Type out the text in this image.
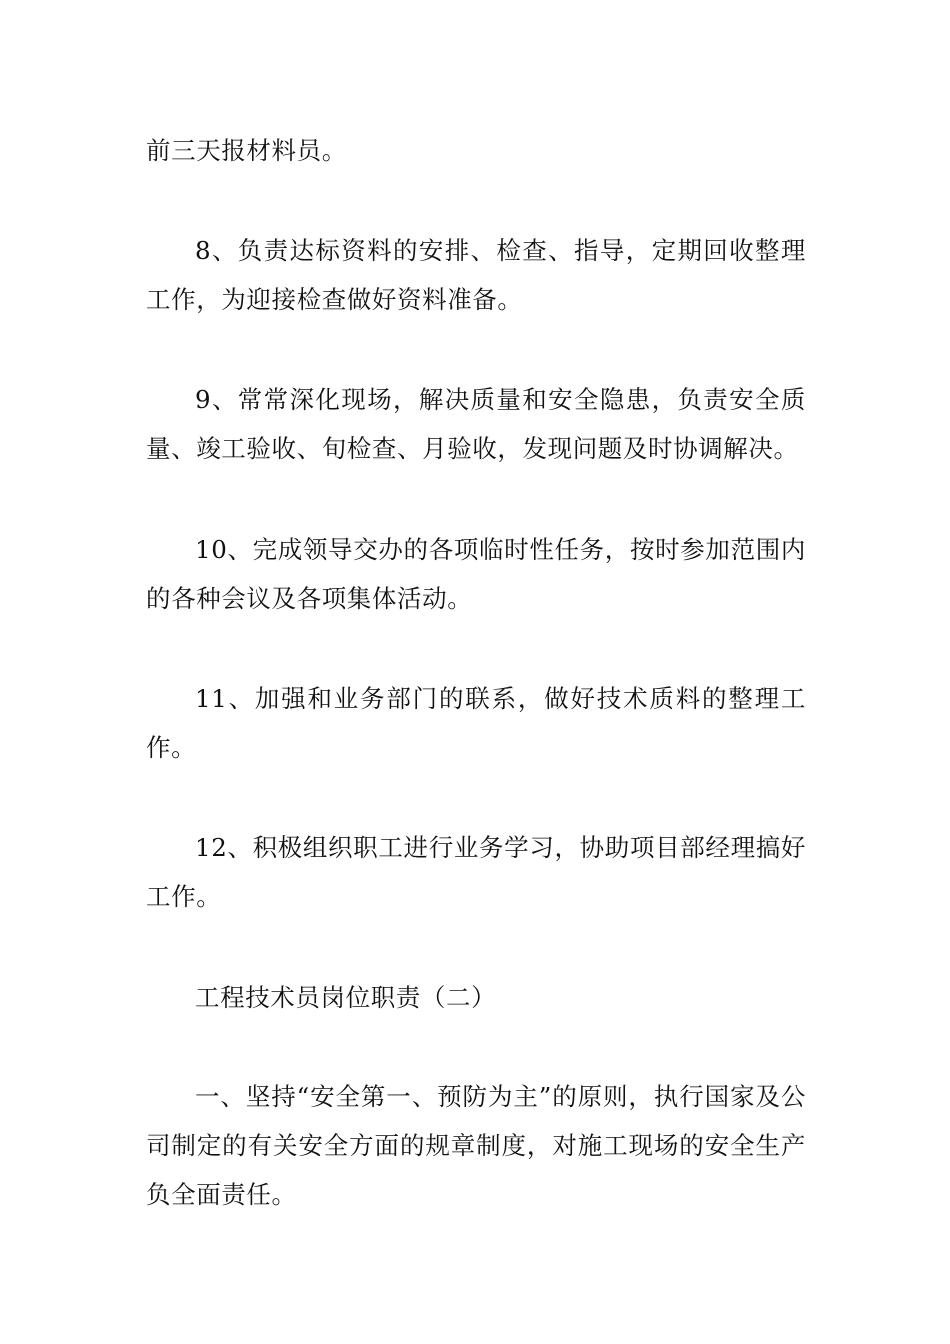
前三天报材料员。

8、负责达标资料的安排、检查、指导，定期回收整理工作，为迎接检查做好资料准备。

9、常常深化现场，解决质量和安全隐患，负责安全质量、竣工验收、旬检查、月验收，发现问题及时协调解决。

10、完成领导交办的各项临时性任务，按时参加范围内的各种会议及各项集体活动。

11、加强和业务部门的联系，做好技术质料的整理工作。

12、积极组织职工进行业务学习，协助项目部经理搞好工作。

工程技术员岗位职责（二）

一、坚持“安全第一、预防为主”的原则，执行国家及公司制定的有关安全方面的规章制度，对施工现场的安全生产负全面责任。
